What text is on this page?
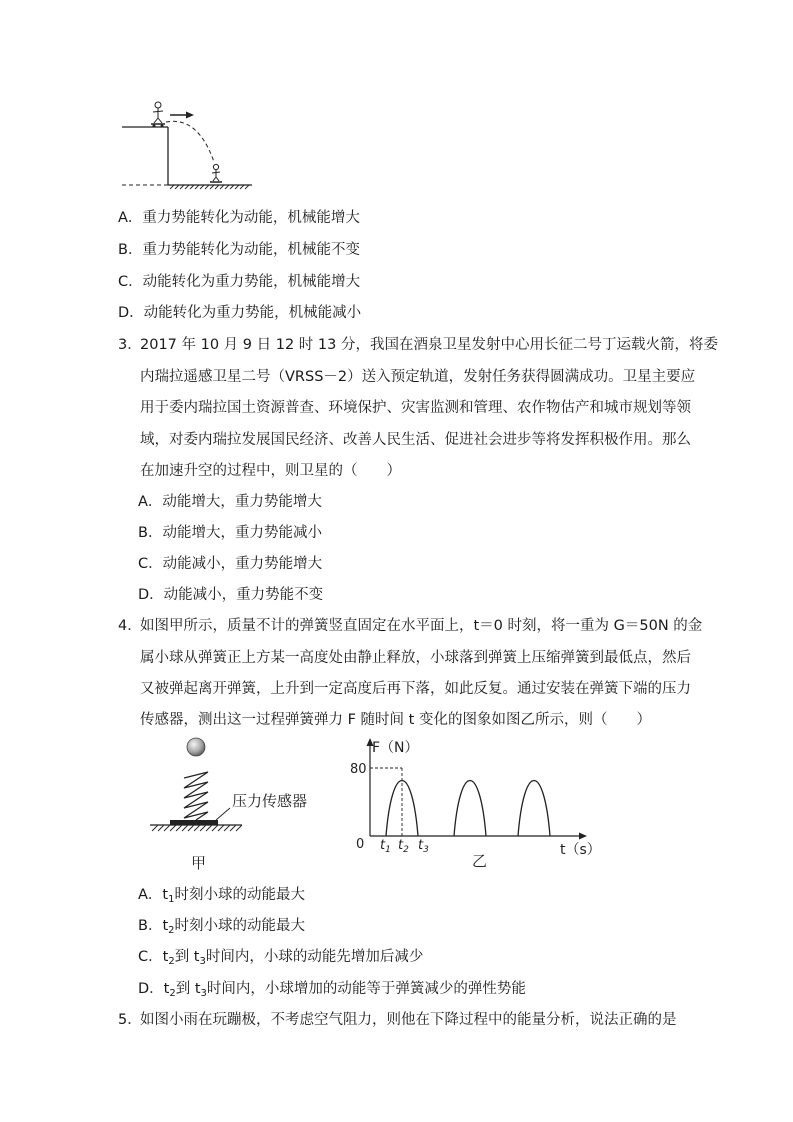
A．重力势能转化为动能，机械能增大
B．重力势能转化为动能，机械能不变
C．动能转化为重力势能，机械能增大
D．动能转化为重力势能，机械能减小
3．
2017 年 10 月 9 日 12 时 13 分，我国在酒泉卫星发射中心用长征二号丁运载火箭，将委
内瑞拉遥感卫星二号（VRSS－2）送入预定轨道，发射任务获得圆满成功。卫星主要应
用于委内瑞拉国土资源普查、环境保护、灾害监测和管理、农作物估产和城市规划等领
域，对委内瑞拉发展国民经济、改善人民生活、促进社会进步等将发挥积极作用。那么
在加速升空的过程中，则卫星的（　　）
A．动能增大，重力势能增大
B．动能增大，重力势能减小
C．动能减小，重力势能增大
D．动能减小，重力势能不变
4．
如图甲所示，质量不计的弹簧竖直固定在水平面上，t＝0 时刻，将一重为 G＝50N 的金
属小球从弹簧正上方某一高度处由静止释放，小球落到弹簧上压缩弹簧到最低点，然后
又被弹起离开弹簧，上升到一定高度后再下落，如此反复。通过安装在弹簧下端的压力
传感器，测出这一过程弹簧弹力 F 随时间 t 变化的图象如图乙所示，则（　　）
压力传感器
甲
F（N）
80
0 $t_1$ $t_2$ $t_3$	t（s）
乙
A．$t_1$时刻小球的动能最大
B．$t_2$时刻小球的动能最大
C．$t_2$到 $t_3$时间内，小球的动能先增加后减少
D．$t_2$到 $t_3$时间内，小球增加的动能等于弹簧减少的弹性势能
5．
如图小雨在玩蹦极，不考虑空气阻力，则他在下降过程中的能量分析，说法正确的是
